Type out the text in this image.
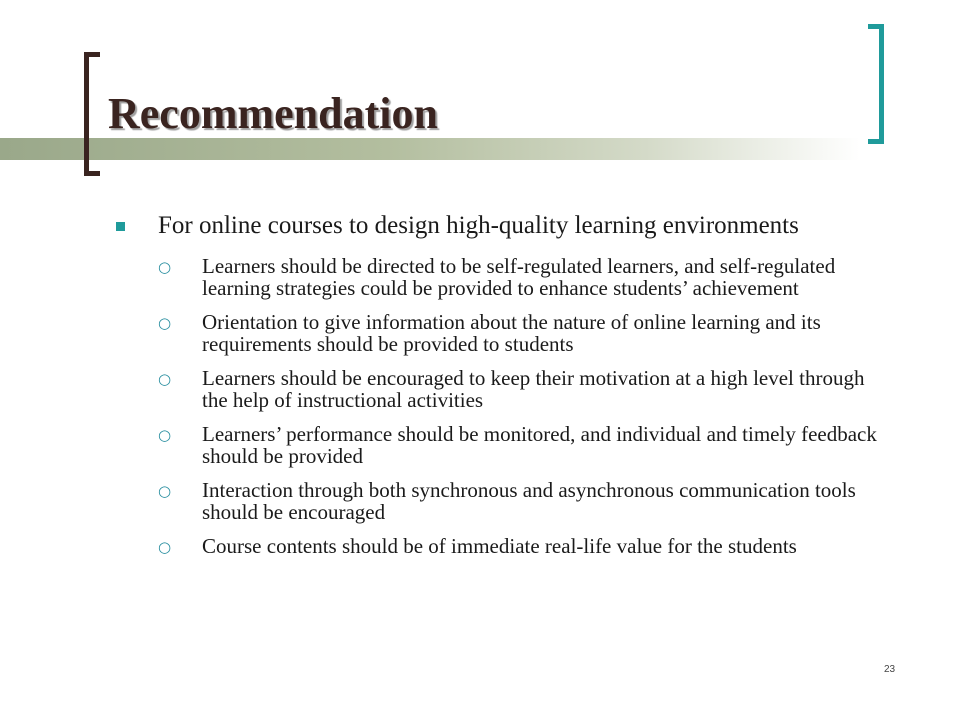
Recommendation
For online courses to design high-quality learning environments
○ Learners should be directed to be self-regulated learners, and self-regulated learning strategies could be provided to enhance students’ achievement
○ Orientation to give information about the nature of online learning and its requirements should be provided to students
○ Learners should be encouraged to keep their motivation at a high level through the help of instructional activities
○ Learners’ performance should be monitored, and individual and timely feedback should be provided
○ Interaction through both synchronous and asynchronous communication tools should be encouraged
○ Course contents should be of immediate real-life value for the students
23
